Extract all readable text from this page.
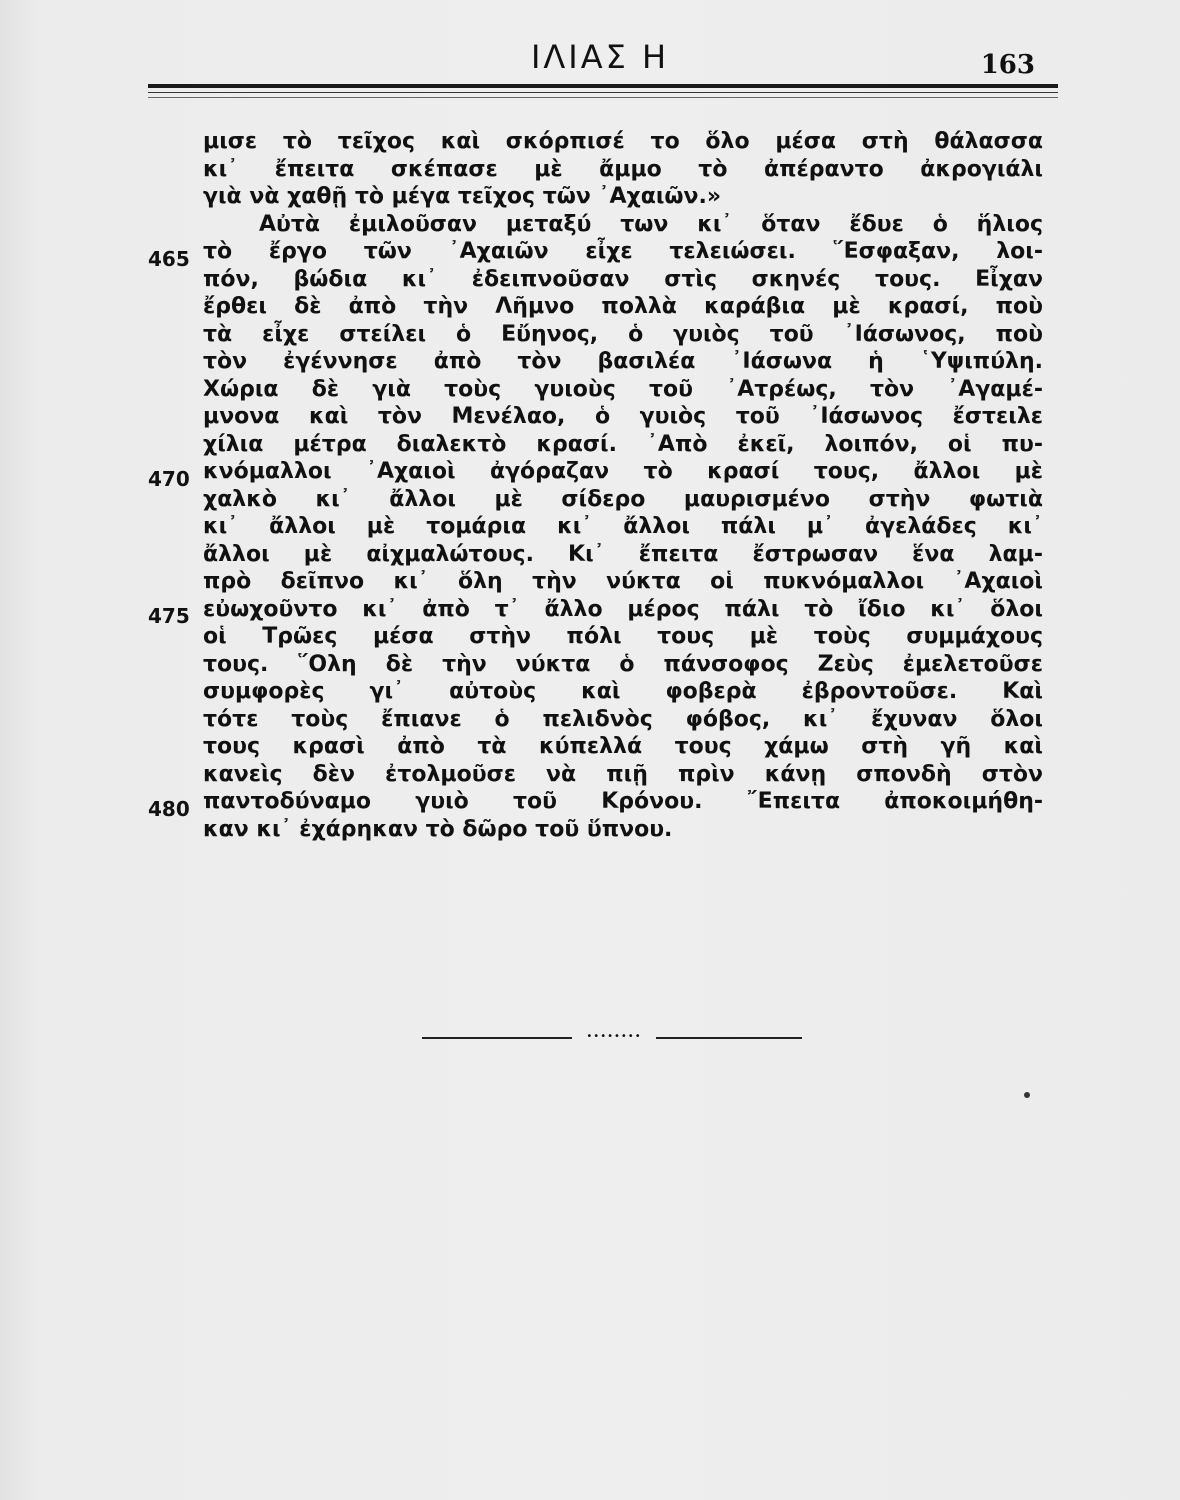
ΙΛΙΑΣ Η	163
465
470
475
480
μισε τὸ τεῖχος καὶ σκόρπισέ το ὅλο μέσα στὴ θάλασσα
κι᾿ ἔπειτα σκέπασε μὲ ἄμμο τὸ ἀπέραντο ἀκρογιάλι
γιὰ νὰ χαθῇ τὸ μέγα τεῖχος τῶν ᾿Αχαιῶν.»
Αὐτὰ ἐμιλοῦσαν μεταξύ των κι᾿ ὅταν ἔδυε ὁ ἥλιος
τὸ ἔργο τῶν ᾿Αχαιῶν εἶχε τελειώσει. ῞Εσφαξαν, λοι-
πόν, βώδια κι᾿ ἐδειπνοῦσαν στὶς σκηνές τους. Εἶχαν
ἔρθει δὲ ἀπὸ τὴν Λῆμνο πολλὰ καράβια μὲ κρασί, ποὺ
τὰ εἶχε στείλει ὁ Εὔηνος, ὁ γυιὸς τοῦ ᾿Ιάσωνος, ποὺ
τὸν ἐγέννησε ἀπὸ τὸν βασιλέα ᾿Ιάσωνα ἡ ῾Υψιπύλη.
Χώρια δὲ γιὰ τοὺς γυιοὺς τοῦ ᾿Ατρέως, τὸν ᾿Αγαμέ-
μνονα καὶ τὸν Μενέλαο, ὁ γυιὸς τοῦ ᾿Ιάσωνος ἔστειλε
χίλια μέτρα διαλεκτὸ κρασί. ᾿Απὸ ἐκεῖ, λοιπόν, οἱ πυ-
κνόμαλλοι ᾿Αχαιοὶ ἀγόραζαν τὸ κρασί τους, ἄλλοι μὲ
χαλκὸ κι᾿ ἄλλοι μὲ σίδερο μαυρισμένο στὴν φωτιὰ
κι᾿ ἄλλοι μὲ τομάρια κι᾿ ἄλλοι πάλι μ᾿ ἀγελάδες κι᾿
ἄλλοι μὲ αἰχμαλώτους. Κι᾿ ἔπειτα ἔστρωσαν ἕνα λαμ-
πρὸ δεῖπνο κι᾿ ὅλη τὴν νύκτα οἱ πυκνόμαλλοι ᾿Αχαιοὶ
εὐωχοῦντο κι᾿ ἀπὸ τ᾿ ἄλλο μέρος πάλι τὸ ἴδιο κι᾿ ὅλοι
οἱ Τρῶες μέσα στὴν πόλι τους μὲ τοὺς συμμάχους
τους. ῞Ολη δὲ τὴν νύκτα ὁ πάνσοφος Ζεὺς ἐμελετοῦσε
συμφορὲς γι᾿ αὐτοὺς καὶ φοβερὰ ἐβροντοῦσε. Καὶ
τότε τοὺς ἔπιανε ὁ πελιδνὸς φόβος, κι᾿ ἔχυναν ὅλοι
τους κρασὶ ἀπὸ τὰ κύπελλά τους χάμω στὴ γῆ καὶ
κανεὶς δὲν ἐτολμοῦσε νὰ πιῇ πρὶν κάνῃ σπονδὴ στὸν
παντοδύναμο γυιὸ τοῦ Κρόνου. ῎Επειτα ἀποκοιμήθη-
καν κι᾿ ἐχάρηκαν τὸ δῶρο τοῦ ὕπνου.
••••••••
